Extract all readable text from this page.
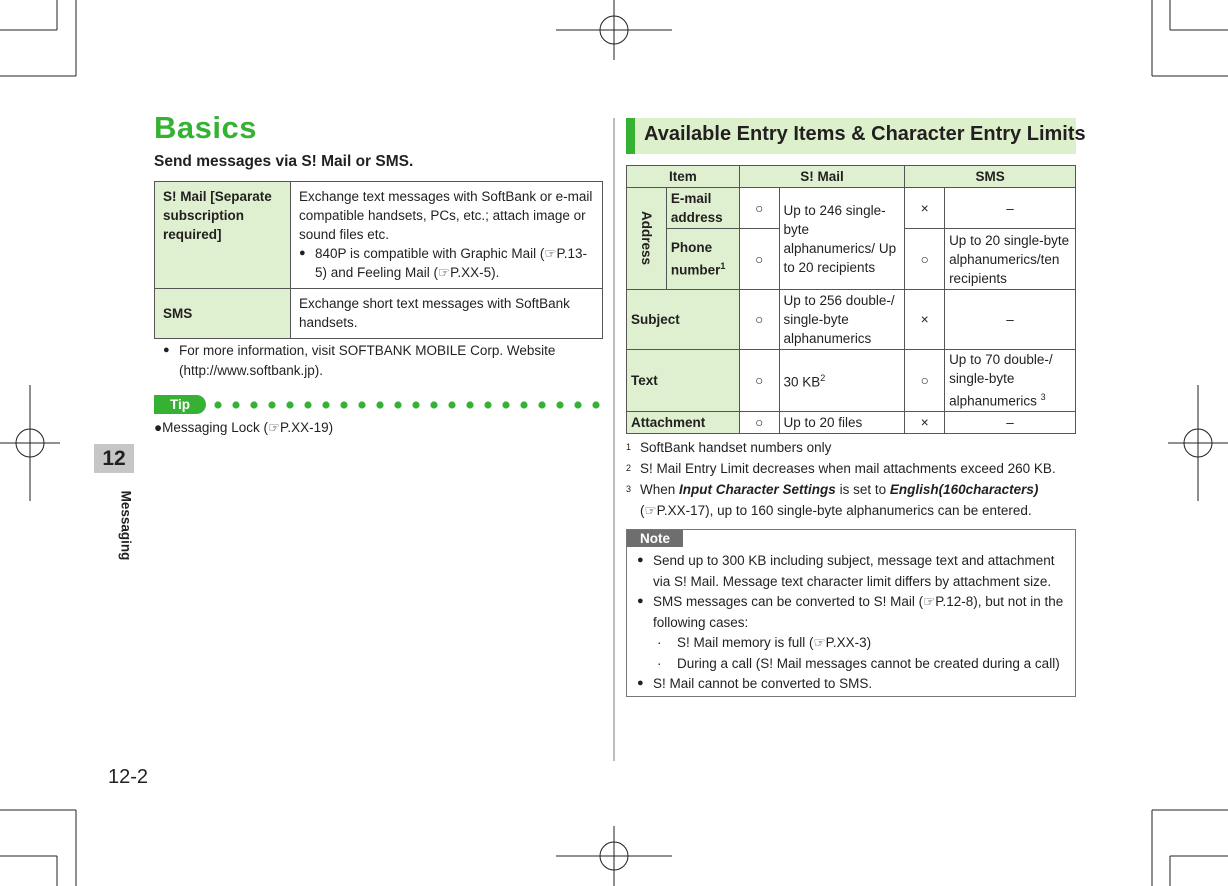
Basics
Send messages via S! Mail or SMS.
S! Mail [Separate subscription required]	Exchange text messages with SoftBank or e-mail compatible handsets, PCs, etc.; attach image or sound files etc.
● 840P is compatible with Graphic Mail (☞P.13-5) and Feeling Mail (☞P.XX-5).

SMS	Exchange short text messages with SoftBank handsets.
● For more information, visit SOFTBANK MOBILE Corp. Website (http://www.softbank.jp).
Tip
●Messaging Lock (☞P.XX-19)
12
Messaging
12-2
Available Entry Items & Character Entry Limits
Item		S! Mail		SMS	

Address	E-mail address	○	Up to 246 single-byte alphanumerics/ Up to 20 recipients	×	–
	Phone number$^1$	○		○	Up to 20 single-byte alphanumerics/ten recipients
Subject		○	Up to 256 double-/ single-byte alphanumerics	×	–
Text		○	30 $KB^2$	○	Up to 70 double-/ single-byte alphanumerics $^3$
Attachment		○	Up to 20 files	×	–
1 SoftBank handset numbers only
2 S! Mail Entry Limit decreases when mail attachments exceed 260 KB.
3 When Input Character Settings is set to English(160characters)
(☞P.XX-17), up to 160 single-byte alphanumerics can be entered.
Note
● Send up to 300 KB including subject, message text and attachment via S! Mail. Message text character limit differs by attachment size.
● SMS messages can be converted to S! Mail (☞P.12-8), but not in the following cases:
·	S! Mail memory is full (☞P.XX-3)
·	During a call (S! Mail messages cannot be created during a call)
● S! Mail cannot be converted to SMS.
